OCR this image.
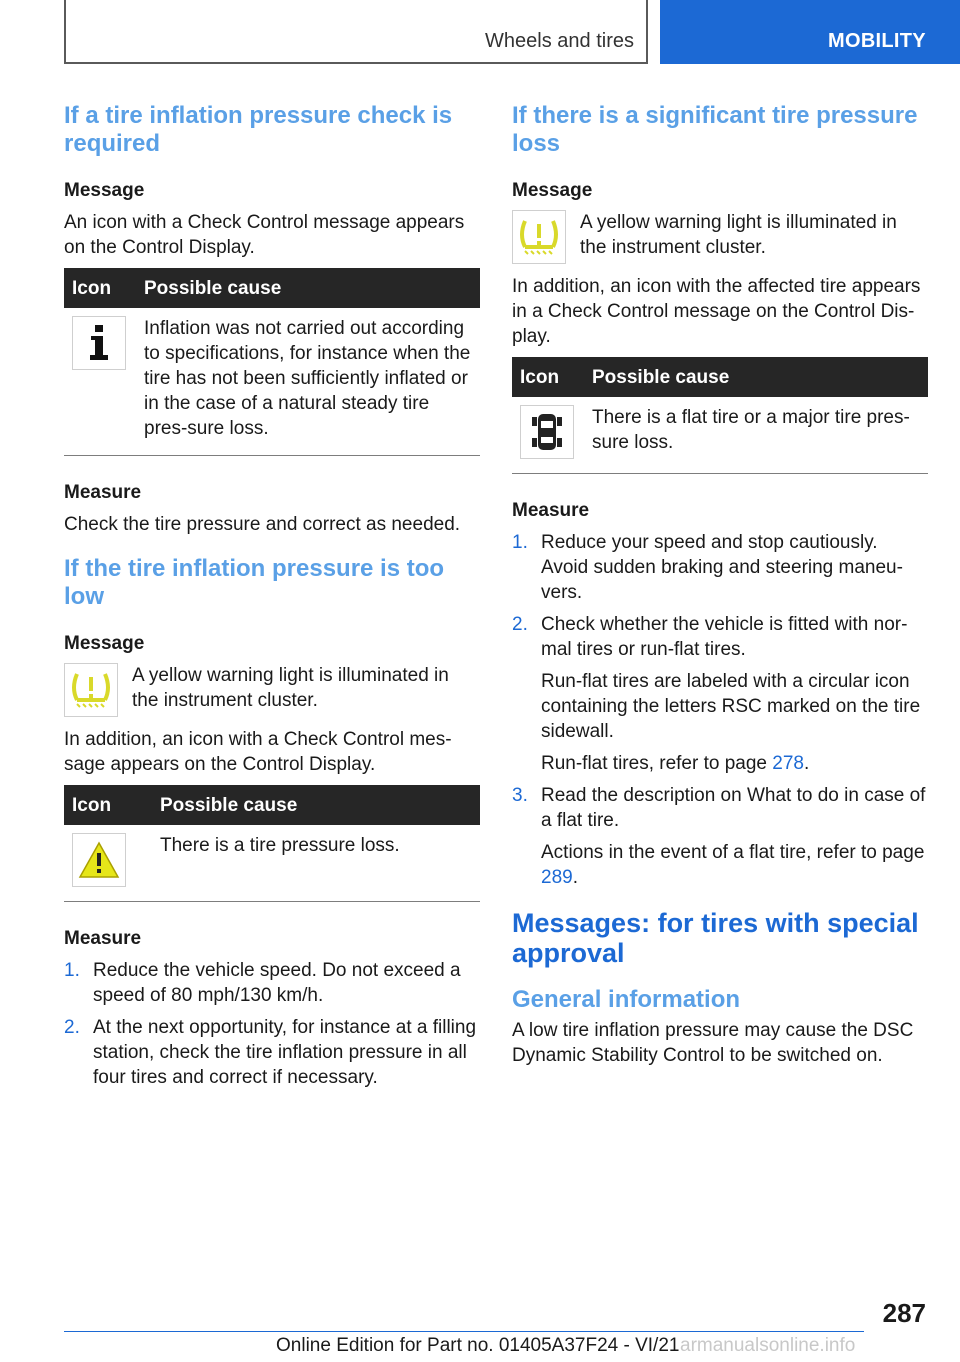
Wheels and tires	MOBILITY
If a tire inflation pressure check is required
Message

An icon with a Check Control message appears on the Control Display.

Icon	Possible cause

	Inflation was not carried out according to specifications, for instance when the tire has not been sufficiently inflated or in the case of a natural steady tire pres-sure loss.
Measure

Check the tire pressure and correct as needed.

If the tire inflation pressure is too low
Message
A yellow warning light is illuminated in the instrument cluster.

In addition, an icon with a Check Control mes-sage appears on the Control Display.

Icon	Possible cause

	There is a tire pressure loss.
Measure
1. Reduce the vehicle speed. Do not exceed a speed of 80 mph/130 km/h.
2. At the next opportunity, for instance at a filling station, check the tire inflation pressure in all four tires and correct if necessary.
If there is a significant tire pressure loss
Message
A yellow warning light is illuminated in the instrument cluster.

In addition, an icon with the affected tire appears in a Check Control message on the Control Dis-play.

Icon	Possible cause

	There is a flat tire or a major tire pres-sure loss.
Measure
1. Reduce your speed and stop cautiously. Avoid sudden braking and steering maneu-vers.
2. Check whether the vehicle is fitted with nor-mal tires or run-flat tires.

Run-flat tires are labeled with a circular icon containing the letters RSC marked on the tire sidewall.

Run-flat tires, refer to page 278.

3. Read the description on What to do in case of a flat tire.

Actions in the event of a flat tire, refer to page 289.

Messages: for tires with special approval
General information

A low tire inflation pressure may cause the DSC Dynamic Stability Control to be switched on.

287
Online Edition for Part no. 01405A37F24 - VI/21 armanualsonline.info
